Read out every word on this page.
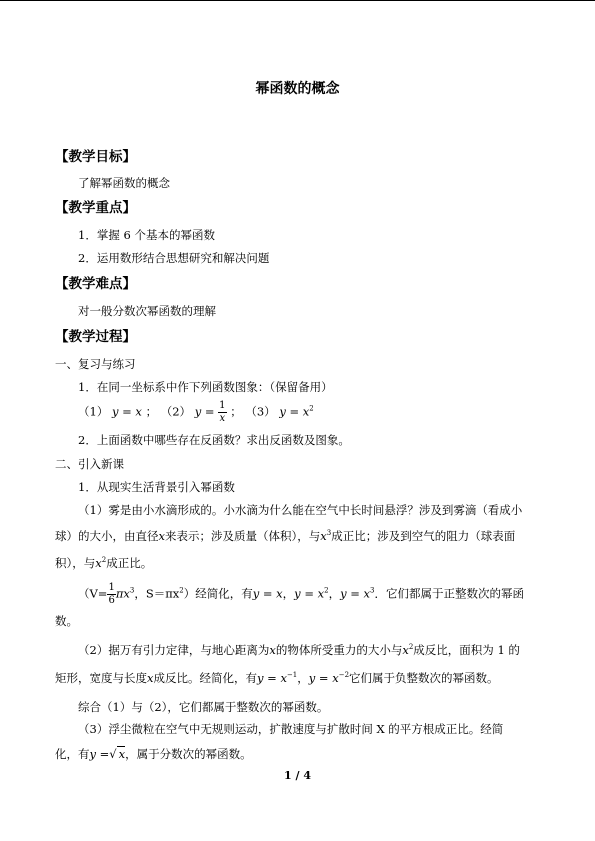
幂函数的概念
【教学目标】
了解幂函数的概念
【教学重点】
1．掌握 6 个基本的幂函数
2．运用数形结合思想研究和解决问题
【教学难点】
对一般分数次幂函数的理解
【教学过程】
一、复习与练习
1．在同一坐标系中作下列函数图象：（保留备用）
（1） y = x ； （2） $y = \frac{1}{x}$ ； （3） $y = x^2$
2．上面函数中哪些存在反函数？求出反函数及图象。
二、引入新课
1．从现实生活背景引入幂函数
（1）雾是由小水滴形成的。小水滴为什么能在空气中长时间悬浮？涉及到雾滴（看成小
球）的大小，由直径x来表示；涉及质量（体积），与$x^3$成正比；涉及到空气的阻力（球表面
积），与$x^2$成正比。
（$V= \frac{1}{6} \pi x^3$，$S=\pi x^2$）经简化，有y = x，$y = x^2$，$y = x^3$．它们都属于正整数次的幂函
数。
（2）据万有引力定律，与地心距离为x的物体所受重力的大小与$x^2$成反比，面积为 1 的
矩形，宽度与长度x成反比。经简化，有$y = x^{-1}$，$y = x^{-2}$它们属于负整数次的幂函数。
综合（1）与（2），它们都属于整数次的幂函数。
（3）浮尘微粒在空气中无规则运动，扩散速度与扩散时间 X 的平方根成正比。经简
化，有y =√ x，属于分数次的幂函数。
1 / 4
